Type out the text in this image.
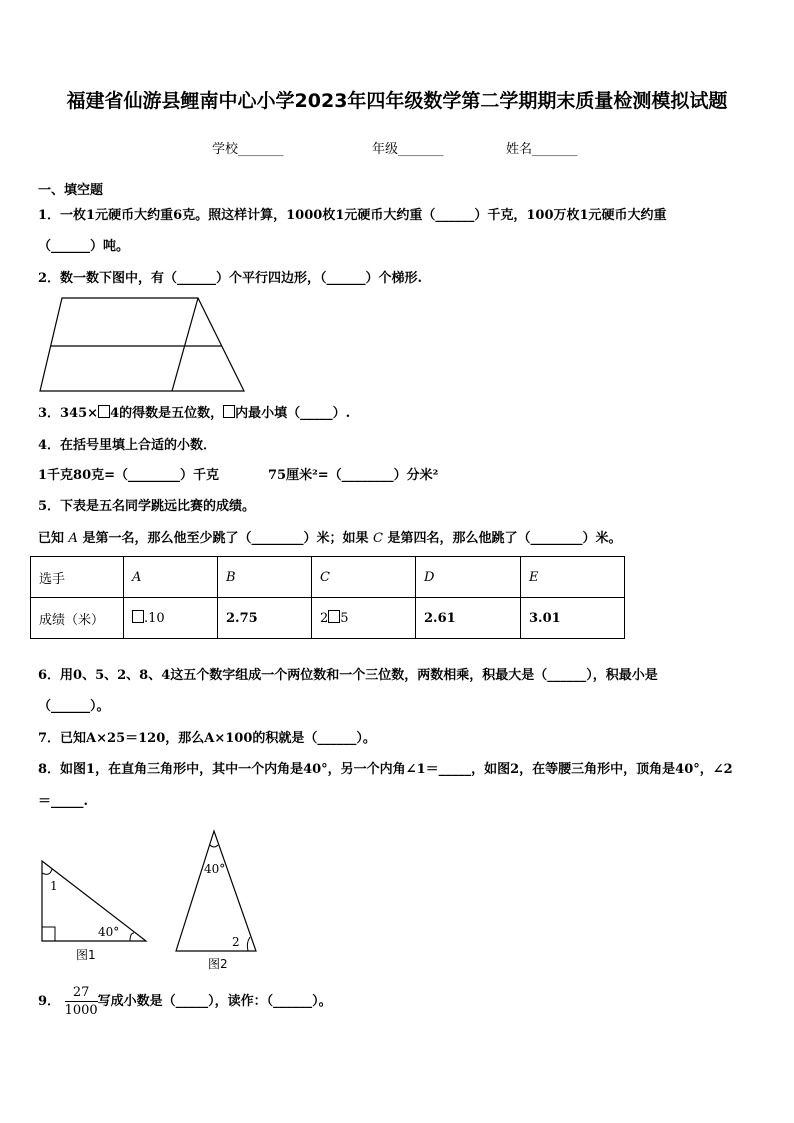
福建省仙游县鲤南中心小学2023年四年级数学第二学期期末质量检测模拟试题
学校_______	年级_______	姓名_______
一、填空题
1．一枚1元硬币大约重6克。照这样计算，1000枚1元硬币大约重（______）千克，100万枚1元硬币大约重
（______）吨。
2．数一数下图中，有（______）个平行四边形，（______）个梯形.
3．345× 4的得数是五位数， 内最小填（_____）.
4．在括号里填上合适的小数．
1千克80克=（________）千克	75厘米²=（________）分米²
5．下表是五名同学跳远比赛的成绩。
已知 A 是第一名，那么他至少跳了（________）米；如果 C 是第四名，那么他跳了（________）米。
选手	A	B	C	D	E
成绩（米）	.10	2.75	2 5	2.61	3.01
6．用0、5、2、8、4这五个数字组成一个两位数和一个三位数，两数相乘，积最大是（______），积最小是
（______）。
7．已知A×25＝120，那么A×100的积就是（______）。
8．如图1，在直角三角形中，其中一个内角是40°，另一个内角∠1＝_____，如图2，在等腰三角形中，顶角是40°，∠2
＝_____.
1
40°
图1
40°
2
图2
9． $\frac{27}{1000}$ 写成小数是（_____），读作：（______）。
